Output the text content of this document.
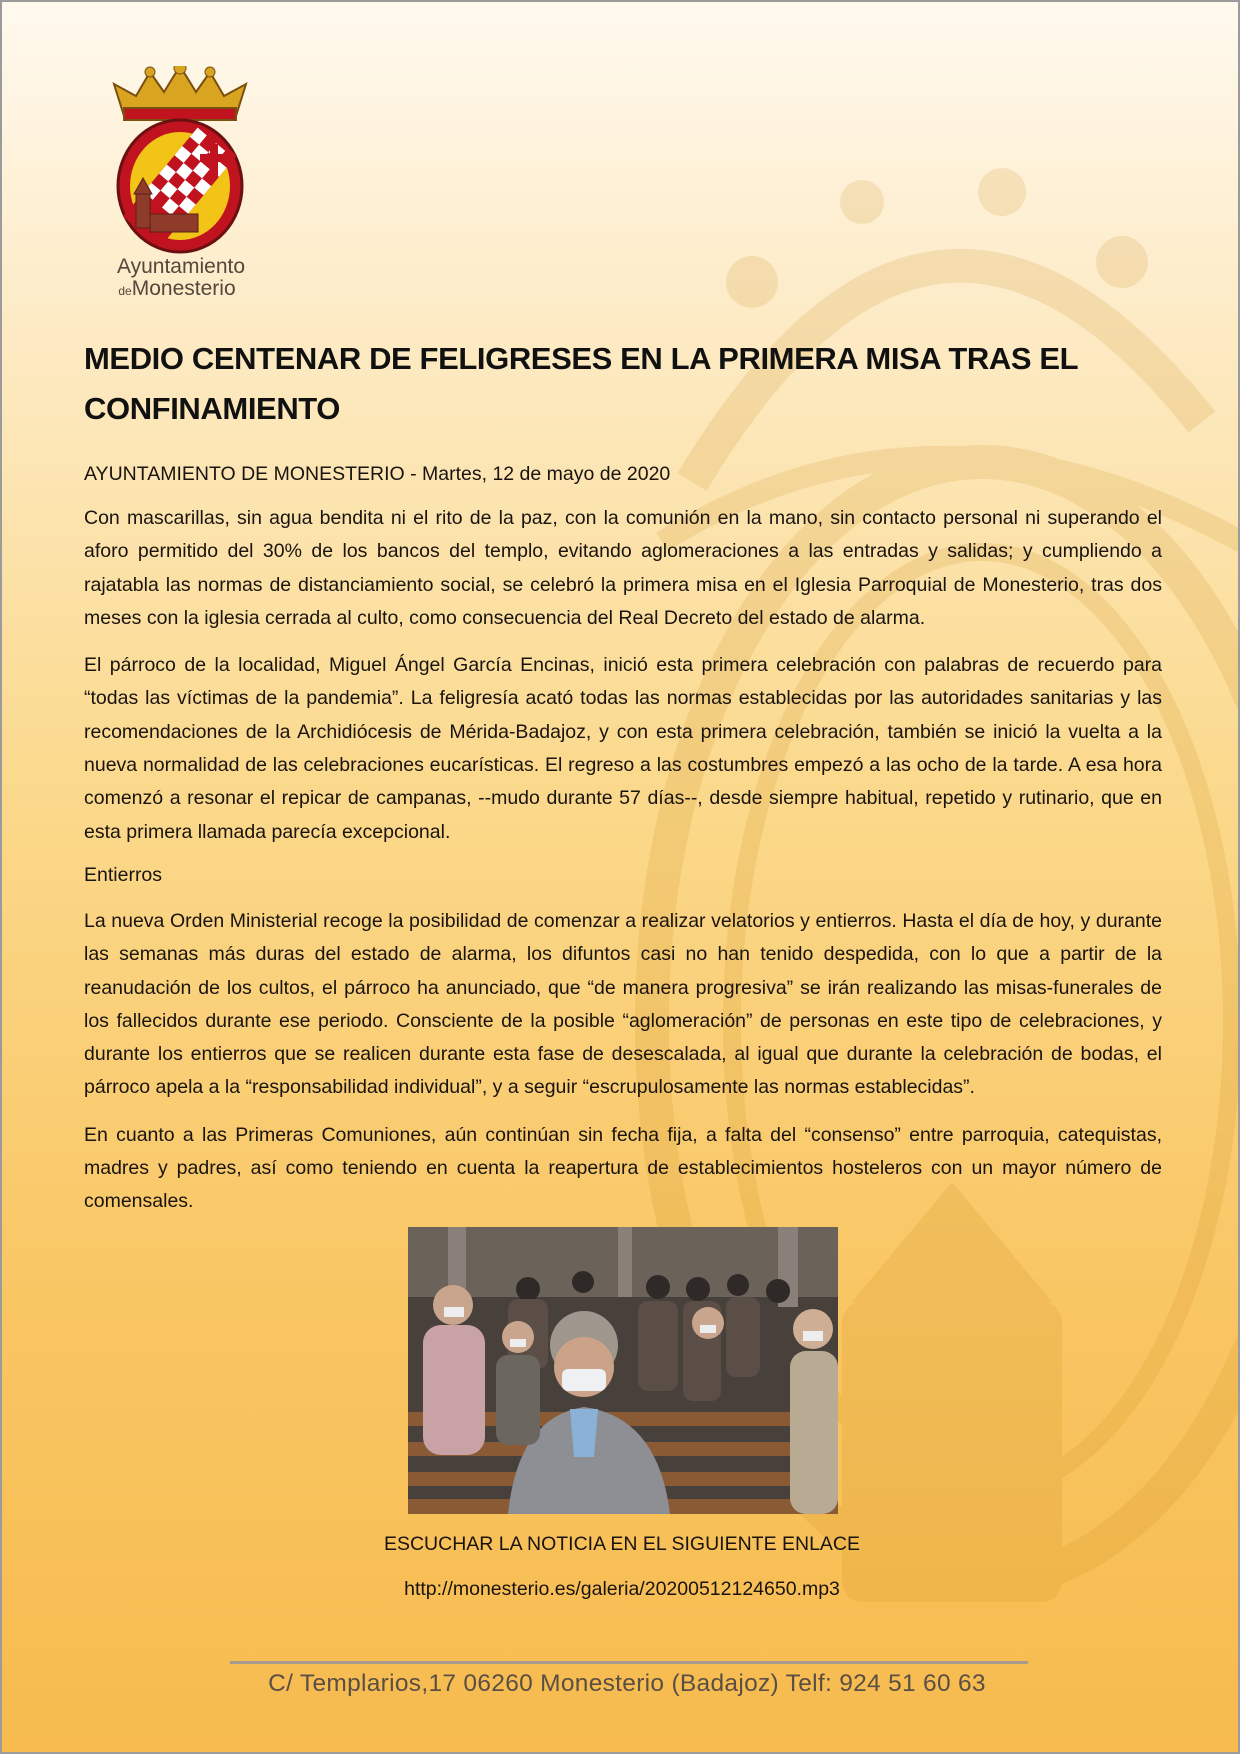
Ayuntamiento
deMonesterio
MEDIO CENTENAR DE FELIGRESES EN LA PRIMERA MISA TRAS EL CONFINAMIENTO
AYUNTAMIENTO DE MONESTERIO - Martes, 12 de mayo de 2020

Con mascarillas, sin agua bendita ni el rito de la paz, con la comunión en la mano, sin contacto personal ni superando el aforo permitido del 30% de los bancos del templo, evitando aglomeraciones a las entradas y salidas; y cumpliendo a rajatabla las normas de distanciamiento social, se celebró la primera misa en el Iglesia Parroquial de Monesterio, tras dos meses con la iglesia cerrada al culto, como consecuencia del Real Decreto del estado de alarma.

El párroco de la localidad, Miguel Ángel García Encinas, inició esta primera celebración con palabras de recuerdo para “todas las víctimas de la pandemia”. La feligresía acató todas las normas establecidas por las autoridades sanitarias y las recomendaciones de la Archidiócesis de Mérida-Badajoz, y con esta primera celebración, también se inició la vuelta a la nueva normalidad de las celebraciones eucarísticas. El regreso a las costumbres empezó a las ocho de la tarde. A esa hora comenzó a resonar el repicar de campanas, --mudo durante 57 días--, desde siempre habitual, repetido y rutinario, que en esta primera llamada parecía excepcional.

Entierros

La nueva Orden Ministerial recoge la posibilidad de comenzar a realizar velatorios y entierros. Hasta el día de hoy, y durante las semanas más duras del estado de alarma, los difuntos casi no han tenido despedida, con lo que a partir de la reanudación de los cultos, el párroco ha anunciado, que “de manera progresiva” se irán realizando las misas-funerales de los fallecidos durante ese periodo. Consciente de la posible “aglomeración” de personas en este tipo de celebraciones, y durante los entierros que se realicen durante esta fase de desescalada, al igual que durante la celebración de bodas, el párroco apela a la “responsabilidad individual”, y a seguir “escrupulosamente las normas establecidas”.

En cuanto a las Primeras Comuniones, aún continúan sin fecha fija, a falta del “consenso” entre parroquia, catequistas, madres y padres, así como teniendo en cuenta la reapertura de establecimientos hosteleros con un mayor número de comensales.

ESCUCHAR LA NOTICIA EN EL SIGUIENTE ENLACE
http://monesterio.es/galeria/20200512124650.mp3
C/ Templarios,17 06260 Monesterio (Badajoz) Telf: 924 51 60 63
